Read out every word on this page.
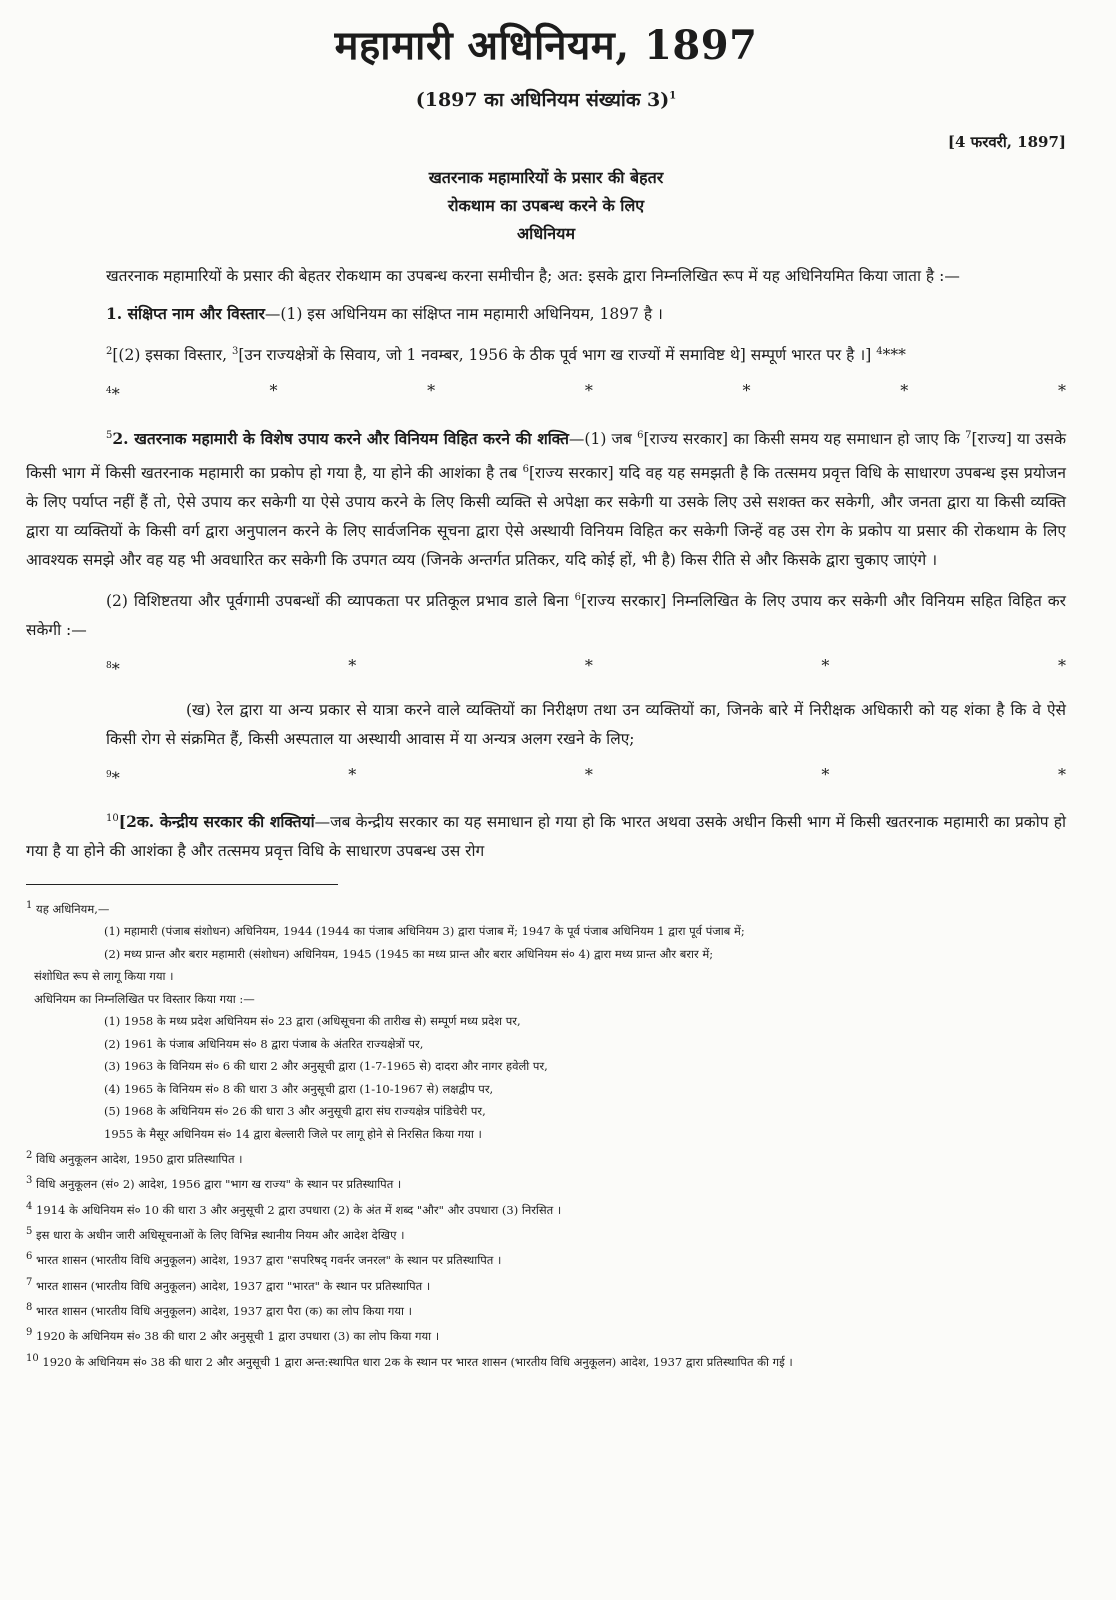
महामारी अधिनियम, 1897

(1897 का अधिनियम संख्यांक 3)$^1$

[4 फरवरी, 1897]

खतरनाक महामारियों के प्रसार की बेहतर
रोकथाम का उपबन्ध करने के लिए
अधिनियम

खतरनाक महामारियों के प्रसार की बेहतर रोकथाम का उपबन्ध करना समीचीन है; अत: इसके द्वारा निम्नलिखित रूप में यह अधिनियमित किया जाता है :—

1. संक्षिप्त नाम और विस्तार—(1) इस अधिनियम का संक्षिप्त नाम महामारी अधिनियम, 1897 है ।

$^2$[(2) इसका विस्तार, $^3$[उन राज्यक्षेत्रों के सिवाय, जो 1 नवम्बर, 1956 के ठीक पूर्व भाग ख राज्यों में समाविष्ट थे] सम्पूर्ण भारत पर है ।] $^4$***

$^4$*	*	*	*	*	*	*

$^5$2. खतरनाक महामारी के विशेष उपाय करने और विनियम विहित करने की शक्ति—(1) जब $^6$[राज्य सरकार] का किसी समय यह समाधान हो जाए कि $^7$[राज्य] या उसके किसी भाग में किसी खतरनाक महामारी का प्रकोप हो गया है, या होने की आशंका है तब $^6$[राज्य सरकार] यदि वह यह समझती है कि तत्समय प्रवृत्त विधि के साधारण उपबन्ध इस प्रयोजन के लिए पर्याप्त नहीं हैं तो, ऐसे उपाय कर सकेगी या ऐसे उपाय करने के लिए किसी व्यक्ति से अपेक्षा कर सकेगी या उसके लिए उसे सशक्त कर सकेगी, और जनता द्वारा या किसी व्यक्ति द्वारा या व्यक्तियों के किसी वर्ग द्वारा अनुपालन करने के लिए सार्वजनिक सूचना द्वारा ऐसे अस्थायी विनियम विहित कर सकेगी जिन्हें वह उस रोग के प्रकोप या प्रसार की रोकथाम के लिए आवश्यक समझे और वह यह भी अवधारित कर सकेगी कि उपगत व्यय (जिनके अन्तर्गत प्रतिकर, यदि कोई हों, भी है) किस रीति से और किसके द्वारा चुकाए जाएंगे ।

(2) विशिष्टतया और पूर्वगामी उपबन्धों की व्यापकता पर प्रतिकूल प्रभाव डाले बिना $^6$[राज्य सरकार] निम्नलिखित के लिए उपाय कर सकेगी और विनियम सहित विहित कर सकेगी :—

$^8$*	*	*	*	*

(ख) रेल द्वारा या अन्य प्रकार से यात्रा करने वाले व्यक्तियों का निरीक्षण तथा उन व्यक्तियों का, जिनके बारे में निरीक्षक अधिकारी को यह शंका है कि वे ऐसे किसी रोग से संक्रमित हैं, किसी अस्पताल या अस्थायी आवास में या अन्यत्र अलग रखने के लिए;

$^9$*	*	*	*	*

$^{10}$[2क. केन्द्रीय सरकार की शक्तियां—जब केन्द्रीय सरकार का यह समाधान हो गया हो कि भारत अथवा उसके अधीन किसी भाग में किसी खतरनाक महामारी का प्रकोप हो गया है या होने की आशंका है और तत्समय प्रवृत्त विधि के साधारण उपबन्ध उस रोग

$^1$ यह अधिनियम,—

(1) महामारी (पंजाब संशोधन) अधिनियम, 1944 (1944 का पंजाब अधिनियम 3) द्वारा पंजाब में; 1947 के पूर्व पंजाब अधिनियम 1 द्वारा पूर्व पंजाब में;

(2) मध्य प्रान्त और बरार महामारी (संशोधन) अधिनियम, 1945 (1945 का मध्य प्रान्त और बरार अधिनियम सं० 4) द्वारा मध्य प्रान्त और बरार में;

संशोधित रूप से लागू किया गया ।

अधिनियम का निम्नलिखित पर विस्तार किया गया :—

(1) 1958 के मध्य प्रदेश अधिनियम सं० 23 द्वारा (अधिसूचना की तारीख से) सम्पूर्ण मध्य प्रदेश पर,

(2) 1961 के पंजाब अधिनियम सं० 8 द्वारा पंजाब के अंतरित राज्यक्षेत्रों पर,

(3) 1963 के विनियम सं० 6 की धारा 2 और अनुसूची द्वारा (1-7-1965 से) दादरा और नागर हवेली पर,

(4) 1965 के विनियम सं० 8 की धारा 3 और अनुसूची द्वारा (1-10-1967 से) लक्षद्वीप पर,

(5) 1968 के अधिनियम सं० 26 की धारा 3 और अनुसूची द्वारा संघ राज्यक्षेत्र पांडिचेरी पर,

1955 के मैसूर अधिनियम सं० 14 द्वारा बेल्लारी जिले पर लागू होने से निरसित किया गया ।

$^2$ विधि अनुकूलन आदेश, 1950 द्वारा प्रतिस्थापित ।

$^3$ विधि अनुकूलन (सं० 2) आदेश, 1956 द्वारा "भाग ख राज्य" के स्थान पर प्रतिस्थापित ।

$^4$ 1914 के अधिनियम सं० 10 की धारा 3 और अनुसूची 2 द्वारा उपधारा (2) के अंत में शब्द "और" और उपधारा (3) निरसित ।

$^5$ इस धारा के अधीन जारी अधिसूचनाओं के लिए विभिन्न स्थानीय नियम और आदेश देखिए ।

$^6$ भारत शासन (भारतीय विधि अनुकूलन) आदेश, 1937 द्वारा "सपरिषद् गवर्नर जनरल" के स्थान पर प्रतिस्थापित ।

$^7$ भारत शासन (भारतीय विधि अनुकूलन) आदेश, 1937 द्वारा "भारत" के स्थान पर प्रतिस्थापित ।

$^8$ भारत शासन (भारतीय विधि अनुकूलन) आदेश, 1937 द्वारा पैरा (क) का लोप किया गया ।

$^9$ 1920 के अधिनियम सं० 38 की धारा 2 और अनुसूची 1 द्वारा उपधारा (3) का लोप किया गया ।

$^{10}$ 1920 के अधिनियम सं० 38 की धारा 2 और अनुसूची 1 द्वारा अन्त:स्थापित धारा 2क के स्थान पर भारत शासन (भारतीय विधि अनुकूलन) आदेश, 1937 द्वारा प्रतिस्थापित की गई ।
